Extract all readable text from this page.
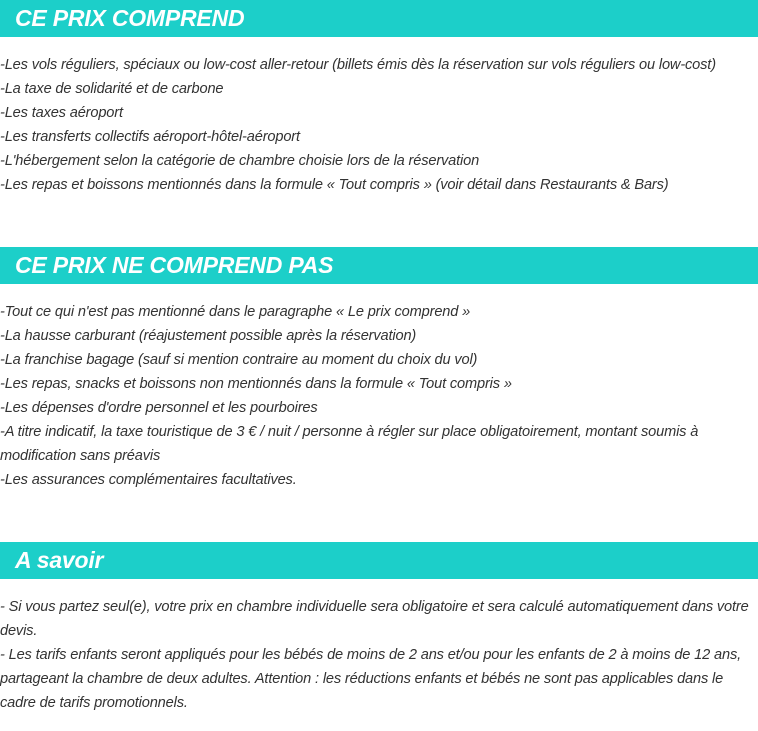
CE PRIX COMPREND
-Les vols réguliers, spéciaux ou low-cost aller-retour (billets émis dès la réservation sur vols réguliers ou low-cost)
-La taxe de solidarité et de carbone
-Les taxes aéroport
-Les transferts collectifs aéroport-hôtel-aéroport
-L'hébergement selon la catégorie de chambre choisie lors de la réservation
-Les repas et boissons mentionnés dans la formule « Tout compris » (voir détail dans Restaurants & Bars)
CE PRIX NE COMPREND PAS
-Tout ce qui n'est pas mentionné dans le paragraphe « Le prix comprend »
-La hausse carburant (réajustement possible après la réservation)
-La franchise bagage (sauf si mention contraire au moment du choix du vol)
-Les repas, snacks et boissons non mentionnés dans la formule « Tout compris »
-Les dépenses d'ordre personnel et les pourboires
-A titre indicatif, la taxe touristique de 3 € / nuit / personne à régler sur place obligatoirement, montant soumis à modification sans préavis
-Les assurances complémentaires facultatives.
A savoir
- Si vous partez seul(e), votre prix en chambre individuelle sera obligatoire et sera calculé automatiquement dans votre devis.
- Les tarifs enfants seront appliqués pour les bébés de moins de 2 ans et/ou pour les enfants de 2 à moins de 12 ans, partageant la chambre de deux adultes. Attention : les réductions enfants et bébés ne sont pas applicables dans le cadre de tarifs promotionnels.
